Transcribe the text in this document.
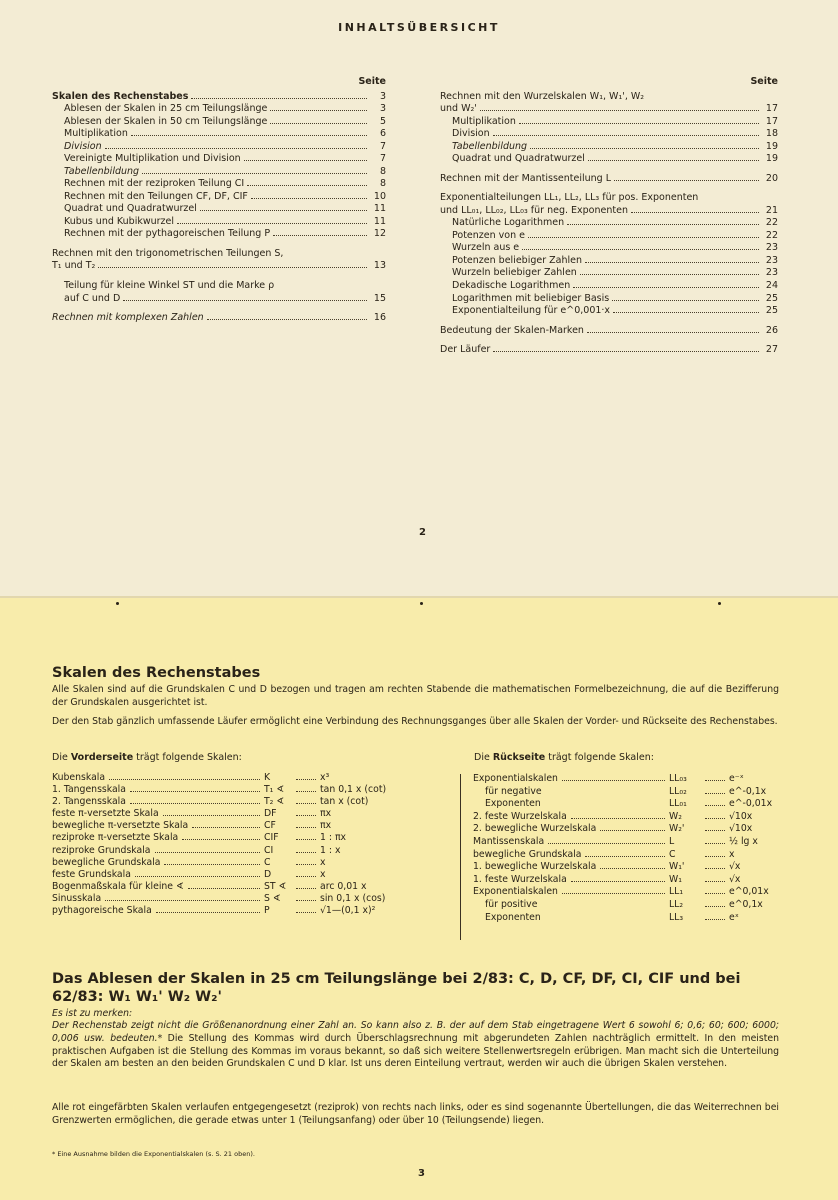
INHALTSÜBERSICHT
Seite
Skalen des Rechenstabes	3
Ablesen der Skalen in 25 cm Teilungslänge	3
Ablesen der Skalen in 50 cm Teilungslänge	5
Multiplikation	6
Division	7
Vereinigte Multiplikation und Division	7
Tabellenbildung	8
Rechnen mit der reziproken Teilung CI	8
Rechnen mit den Teilungen CF, DF, CIF	10
Quadrat und Quadratwurzel	11
Kubus und Kubikwurzel	11
Rechnen mit der pythagoreischen Teilung P	12
Rechnen mit den trigonometrischen Teilungen S,
T₁ und T₂	13
Teilung für kleine Winkel ST und die Marke ρ
auf C und D	15
Rechnen mit komplexen Zahlen	16
Seite
Rechnen mit den Wurzelskalen W₁, W₁', W₂
und W₂'	17
Multiplikation	17
Division	18
Tabellenbildung	19
Quadrat und Quadratwurzel	19
Rechnen mit der Mantissenteilung L	20
Exponentialteilungen LL₁, LL₂, LL₃ für pos. Exponenten
und LL₀₁, LL₀₂, LL₀₃ für neg. Exponenten	21
Natürliche Logarithmen	22
Potenzen von e	22
Wurzeln aus e	23
Potenzen beliebiger Zahlen	23
Wurzeln beliebiger Zahlen	23
Dekadische Logarithmen	24
Logarithmen mit beliebiger Basis	25
Exponentialteilung für e^0,001·x	25
Bedeutung der Skalen-Marken	26
Der Läufer	27
2
Skalen des Rechenstabes
Alle Skalen sind auf die Grundskalen C und D bezogen und tragen am rechten Stabende die mathematischen Formelbezeichnung, die auf die Bezifferung der Grundskalen ausgerichtet ist.
Der den Stab gänzlich umfassende Läufer ermöglicht eine Verbindung des Rechnungsganges über alle Skalen der Vorder- und Rückseite des Rechenstabes.
Die Vorderseite trägt folgende Skalen:	Die Rückseite trägt folgende Skalen:
Kubenskala	K	x³
1. Tangensskala	T₁ ∢	tan 0,1 x (cot)
2. Tangensskala	T₂ ∢	tan x (cot)
feste π-versetzte Skala	DF	πx
bewegliche π-versetzte Skala	CF	πx
reziproke π-versetzte Skala	CIF	1 : πx
reziproke Grundskala	CI	1 : x
bewegliche Grundskala	C	x
feste Grundskala	D	x
Bogenmaßskala für kleine ∢	ST ∢	arc 0,01 x
Sinusskala	S ∢	sin 0,1 x (cos)
pythagoreische Skala	P	√1—(0,1 x)²
Exponentialskalen	LL₀₃	e⁻ˣ
für negative	LL₀₂	e^-0,1x
Exponenten	LL₀₁	e^-0,01x
2. feste Wurzelskala	W₂	√10x
2. bewegliche Wurzelskala	W₂'	√10x
Mantissenskala	L	½ lg x
bewegliche Grundskala	C	x
1. bewegliche Wurzelskala	W₁'	√x
1. feste Wurzelskala	W₁	√x
Exponentialskalen	LL₁	e^0,01x
für positive	LL₂	e^0,1x
Exponenten	LL₃	eˣ
Das Ablesen der Skalen in 25 cm Teilungslänge bei 2/83: C, D, CF, DF, CI, CIF und bei 62/83: W₁ W₁' W₂ W₂'
Es ist zu merken:
Der Rechenstab zeigt nicht die Größenanordnung einer Zahl an. So kann also z. B. der auf dem Stab eingetragene Wert 6 sowohl 6; 0,6; 60; 600; 6000; 0,006 usw. bedeuten.* Die Stellung des Kommas wird durch Überschlagsrechnung mit abgerundeten Zahlen nachträglich ermittelt. In den meisten praktischen Aufgaben ist die Stellung des Kommas im voraus bekannt, so daß sich weitere Stellenwertsregeln erübrigen. Man macht sich die Unterteilung der Skalen am besten an den beiden Grundskalen C und D klar. Ist uns deren Einteilung vertraut, werden wir auch die übrigen Skalen verstehen.
Alle rot eingefärbten Skalen verlaufen entgegengesetzt (reziprok) von rechts nach links, oder es sind sogenannte Übertellungen, die das Weiterrechnen bei Grenzwerten ermöglichen, die gerade etwas unter 1 (Teilungsanfang) oder über 10 (Teilungsende) liegen.
* Eine Ausnahme bilden die Exponentialskalen (s. S. 21 oben).
3
